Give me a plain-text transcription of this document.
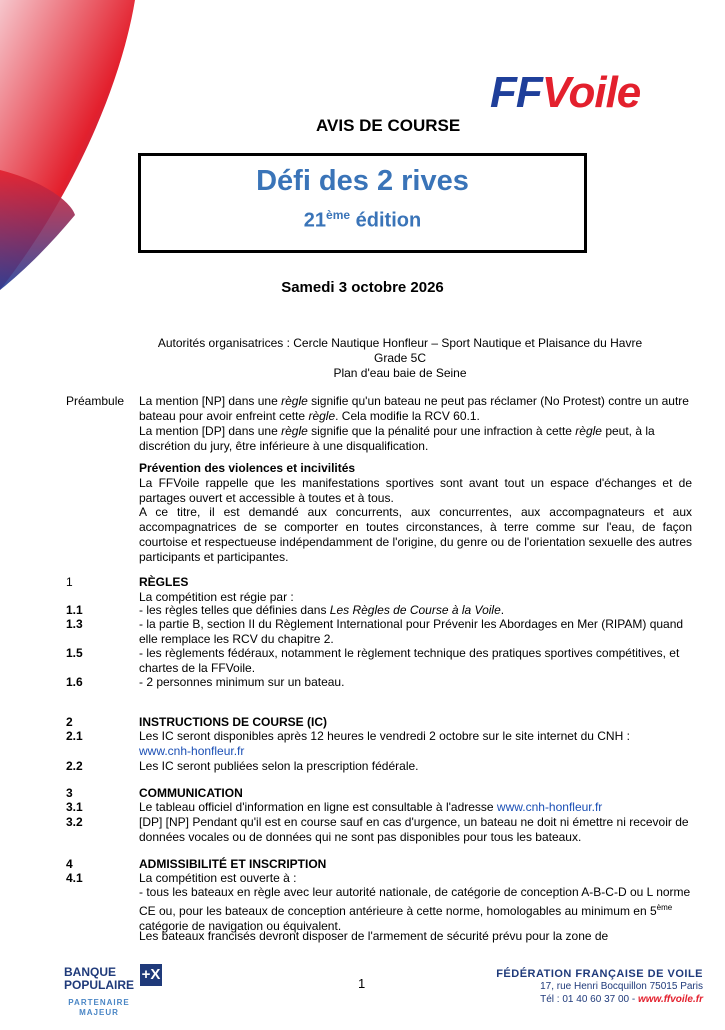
FFVoile
AVIS DE COURSE
Défi des 2 rives
21ème édition
Samedi 3 octobre 2026
Autorités organisatrices : Cercle Nautique Honfleur – Sport Nautique et Plaisance du Havre
Grade 5C
Plan d'eau baie de Seine
Préambule La mention [NP] dans une règle signifie qu'un bateau ne peut pas réclamer (No Protest) contre un autre bateau pour avoir enfreint cette règle. Cela modifie la RCV 60.1.
La mention [DP] dans une règle signifie que la pénalité pour une infraction à cette règle peut, à la discrétion du jury, être inférieure à une disqualification.
Prévention des violences et incivilités
La FFVoile rappelle que les manifestations sportives sont avant tout un espace d'échanges et de partages ouvert et accessible à toutes et à tous.
A ce titre, il est demandé aux concurrents, aux concurrentes, aux accompagnateurs et aux accompagnatrices de se comporter en toutes circonstances, à terre comme sur l'eau, de façon courtoise et respectueuse indépendamment de l'origine, du genre ou de l'orientation sexuelle des autres participants et participantes.
1	RÈGLES
La compétition est régie par :
1.1	- les règles telles que définies dans Les Règles de Course à la Voile.
1.3	- la partie B, section II du Règlement International pour Prévenir les Abordages en Mer (RIPAM) quand elle remplace les RCV du chapitre 2.
1.5	- les règlements fédéraux, notamment le règlement technique des pratiques sportives compétitives, et chartes de la FFVoile.
1.6	- 2 personnes minimum sur un bateau.
2	INSTRUCTIONS DE COURSE (IC)
2.1	Les IC seront disponibles après 12 heures le vendredi 2 octobre sur le site internet du CNH :
www.cnh-honfleur.fr
2.2	Les IC seront publiées selon la prescription fédérale.
3	COMMUNICATION
3.1	Le tableau officiel d'information en ligne est consultable à l'adresse www.cnh-honfleur.fr
3.2	[DP] [NP] Pendant qu'il est en course sauf en cas d'urgence, un bateau ne doit ni émettre ni recevoir de données vocales ou de données qui ne sont pas disponibles pour tous les bateaux.
4	ADMISSIBILITÉ ET INSCRIPTION
4.1	La compétition est ouverte à :
- tous les bateaux en règle avec leur autorité nationale, de catégorie de conception A-B-C-D ou L norme CE ou, pour les bateaux de conception antérieure à cette norme, homologables au minimum en 5ème catégorie de navigation ou équivalent.
Les bateaux francisés devront disposer de l'armement de sécurité prévu pour la zone de
BANQUE
POPULAIRE
+X
PARTENAIRE
MAJEUR
1
FÉDÉRATION FRANÇAISE DE VOILE
17, rue Henri Bocquillon 75015 Paris
Tél : 01 40 60 37 00 - www.ffvoile.fr
